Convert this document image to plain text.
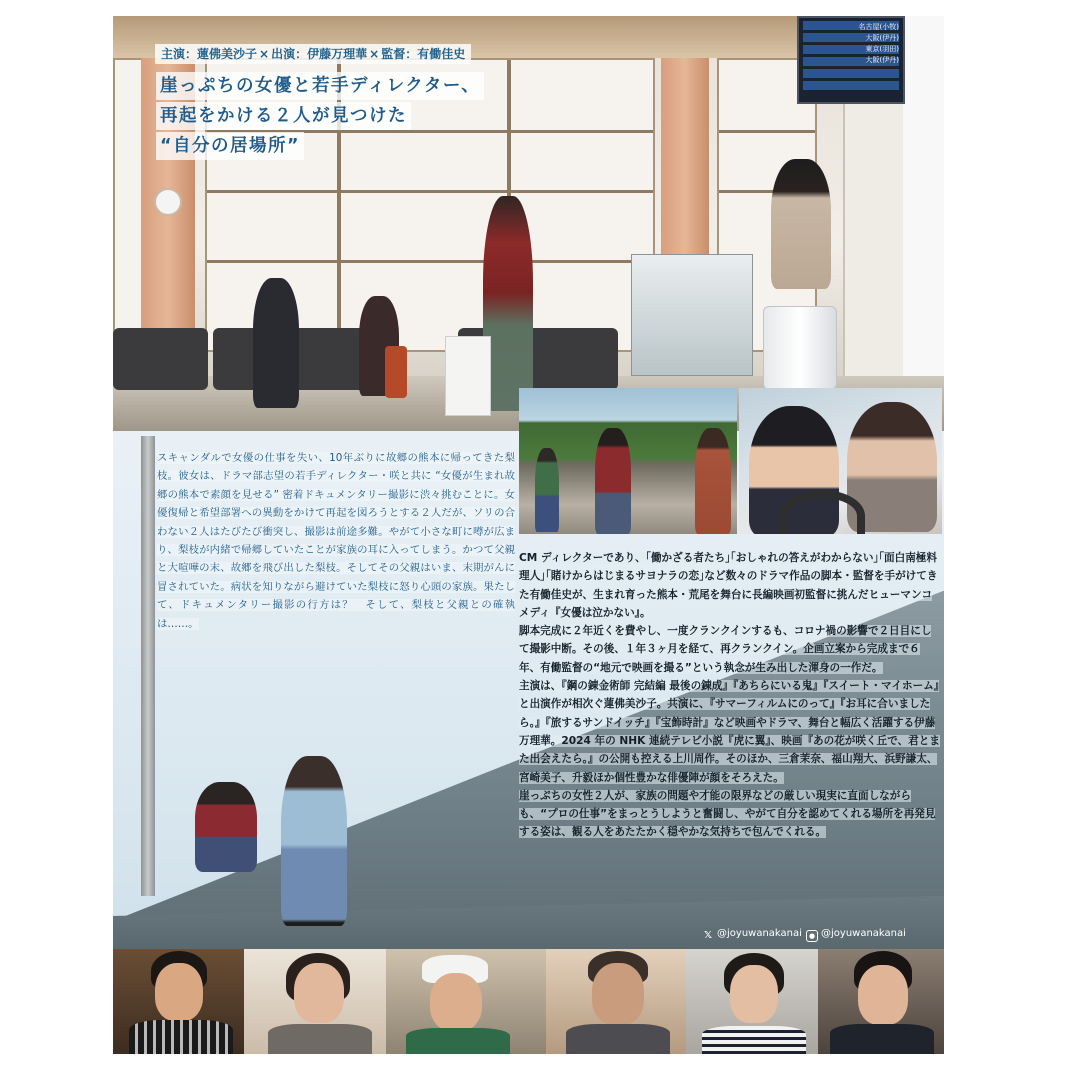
名古屋(小牧)
大阪(伊丹)
東京(羽田)
大阪(伊丹)
主演：蓮佛美沙子 × 出演：伊藤万理華 × 監督：有働佳史
崖っぷちの女優と若手ディレクター、
再起をかける２人が見つけた
“自分の居場所”
スキャンダルで女優の仕事を失い、10年ぶりに故郷の熊本に帰ってきた梨枝。彼女は、ドラマ部志望の若手ディレクター・咲と共に “女優が生まれ故郷の熊本で素顔を見せる” 密着ドキュメンタリー撮影に渋々挑むことに。女優復帰と希望部署への異動をかけて再起を図ろうとする２人だが、ソリの合わない２人はたびたび衝突し、撮影は前途多難。やがて小さな町に噂が広まり、梨枝が内緒で帰郷していたことが家族の耳に入ってしまう。かつて父親と大喧嘩の末、故郷を飛び出した梨枝。そしてその父親はいま、末期がんに冒されていた。病状を知りながら避けていた梨枝に怒り心頭の家族。果たして、ドキュメンタリー撮影の行方は？　そして、梨枝と父親との確執は……。

CM ディレクターであり、｢働かざる者たち｣｢おしゃれの答えがわからない｣｢面白南極料理人｣｢賭けからはじまるサヨナラの恋｣など数々のドラマ作品の脚本・監督を手がけてきた有働佳史が、生まれ育った熊本・荒尾を舞台に長編映画初監督に挑んだヒューマンコメディ『女優は泣かない』。

脚本完成に２年近くを費やし、一度クランクインするも、コロナ禍の影響で２日目にして撮影中断。その後、１年３ヶ月を経て、再クランクイン。企画立案から完成まで６年、有働監督の“地元で映画を撮る”という執念が生み出した渾身の一作だ。

主演は、『鋼の錬金術師 完結編 最後の錬成』『あちらにいる鬼』『スイート・マイホーム』と出演作が相次ぐ蓮佛美沙子。共演に、『サマーフィルムにのって』『お耳に合いましたら。』『旅するサンドイッチ』『宝飾時計』など映画やドラマ、舞台と幅広く活躍する伊藤万理華。2024 年の NHK 連続テレビ小説『虎に翼』、映画『あの花が咲く丘で、君とまた出会えたら。』の公開も控える上川周作。そのほか、三倉茉奈、福山翔大、浜野謙太、宮崎美子、升毅ほか個性豊かな俳優陣が顔をそろえた。

崖っぷちの女性２人が、家族の問題や才能の限界などの厳しい現実に直面しながらも、“プロの仕事”をまっとうしようと奮闘し、やがて自分を認めてくれる場所を再発見する姿は、観る人をあたたかく穏やかな気持ちで包んでくれる。

𝕏 @joyuwanakanai	● @joyuwanakanai
